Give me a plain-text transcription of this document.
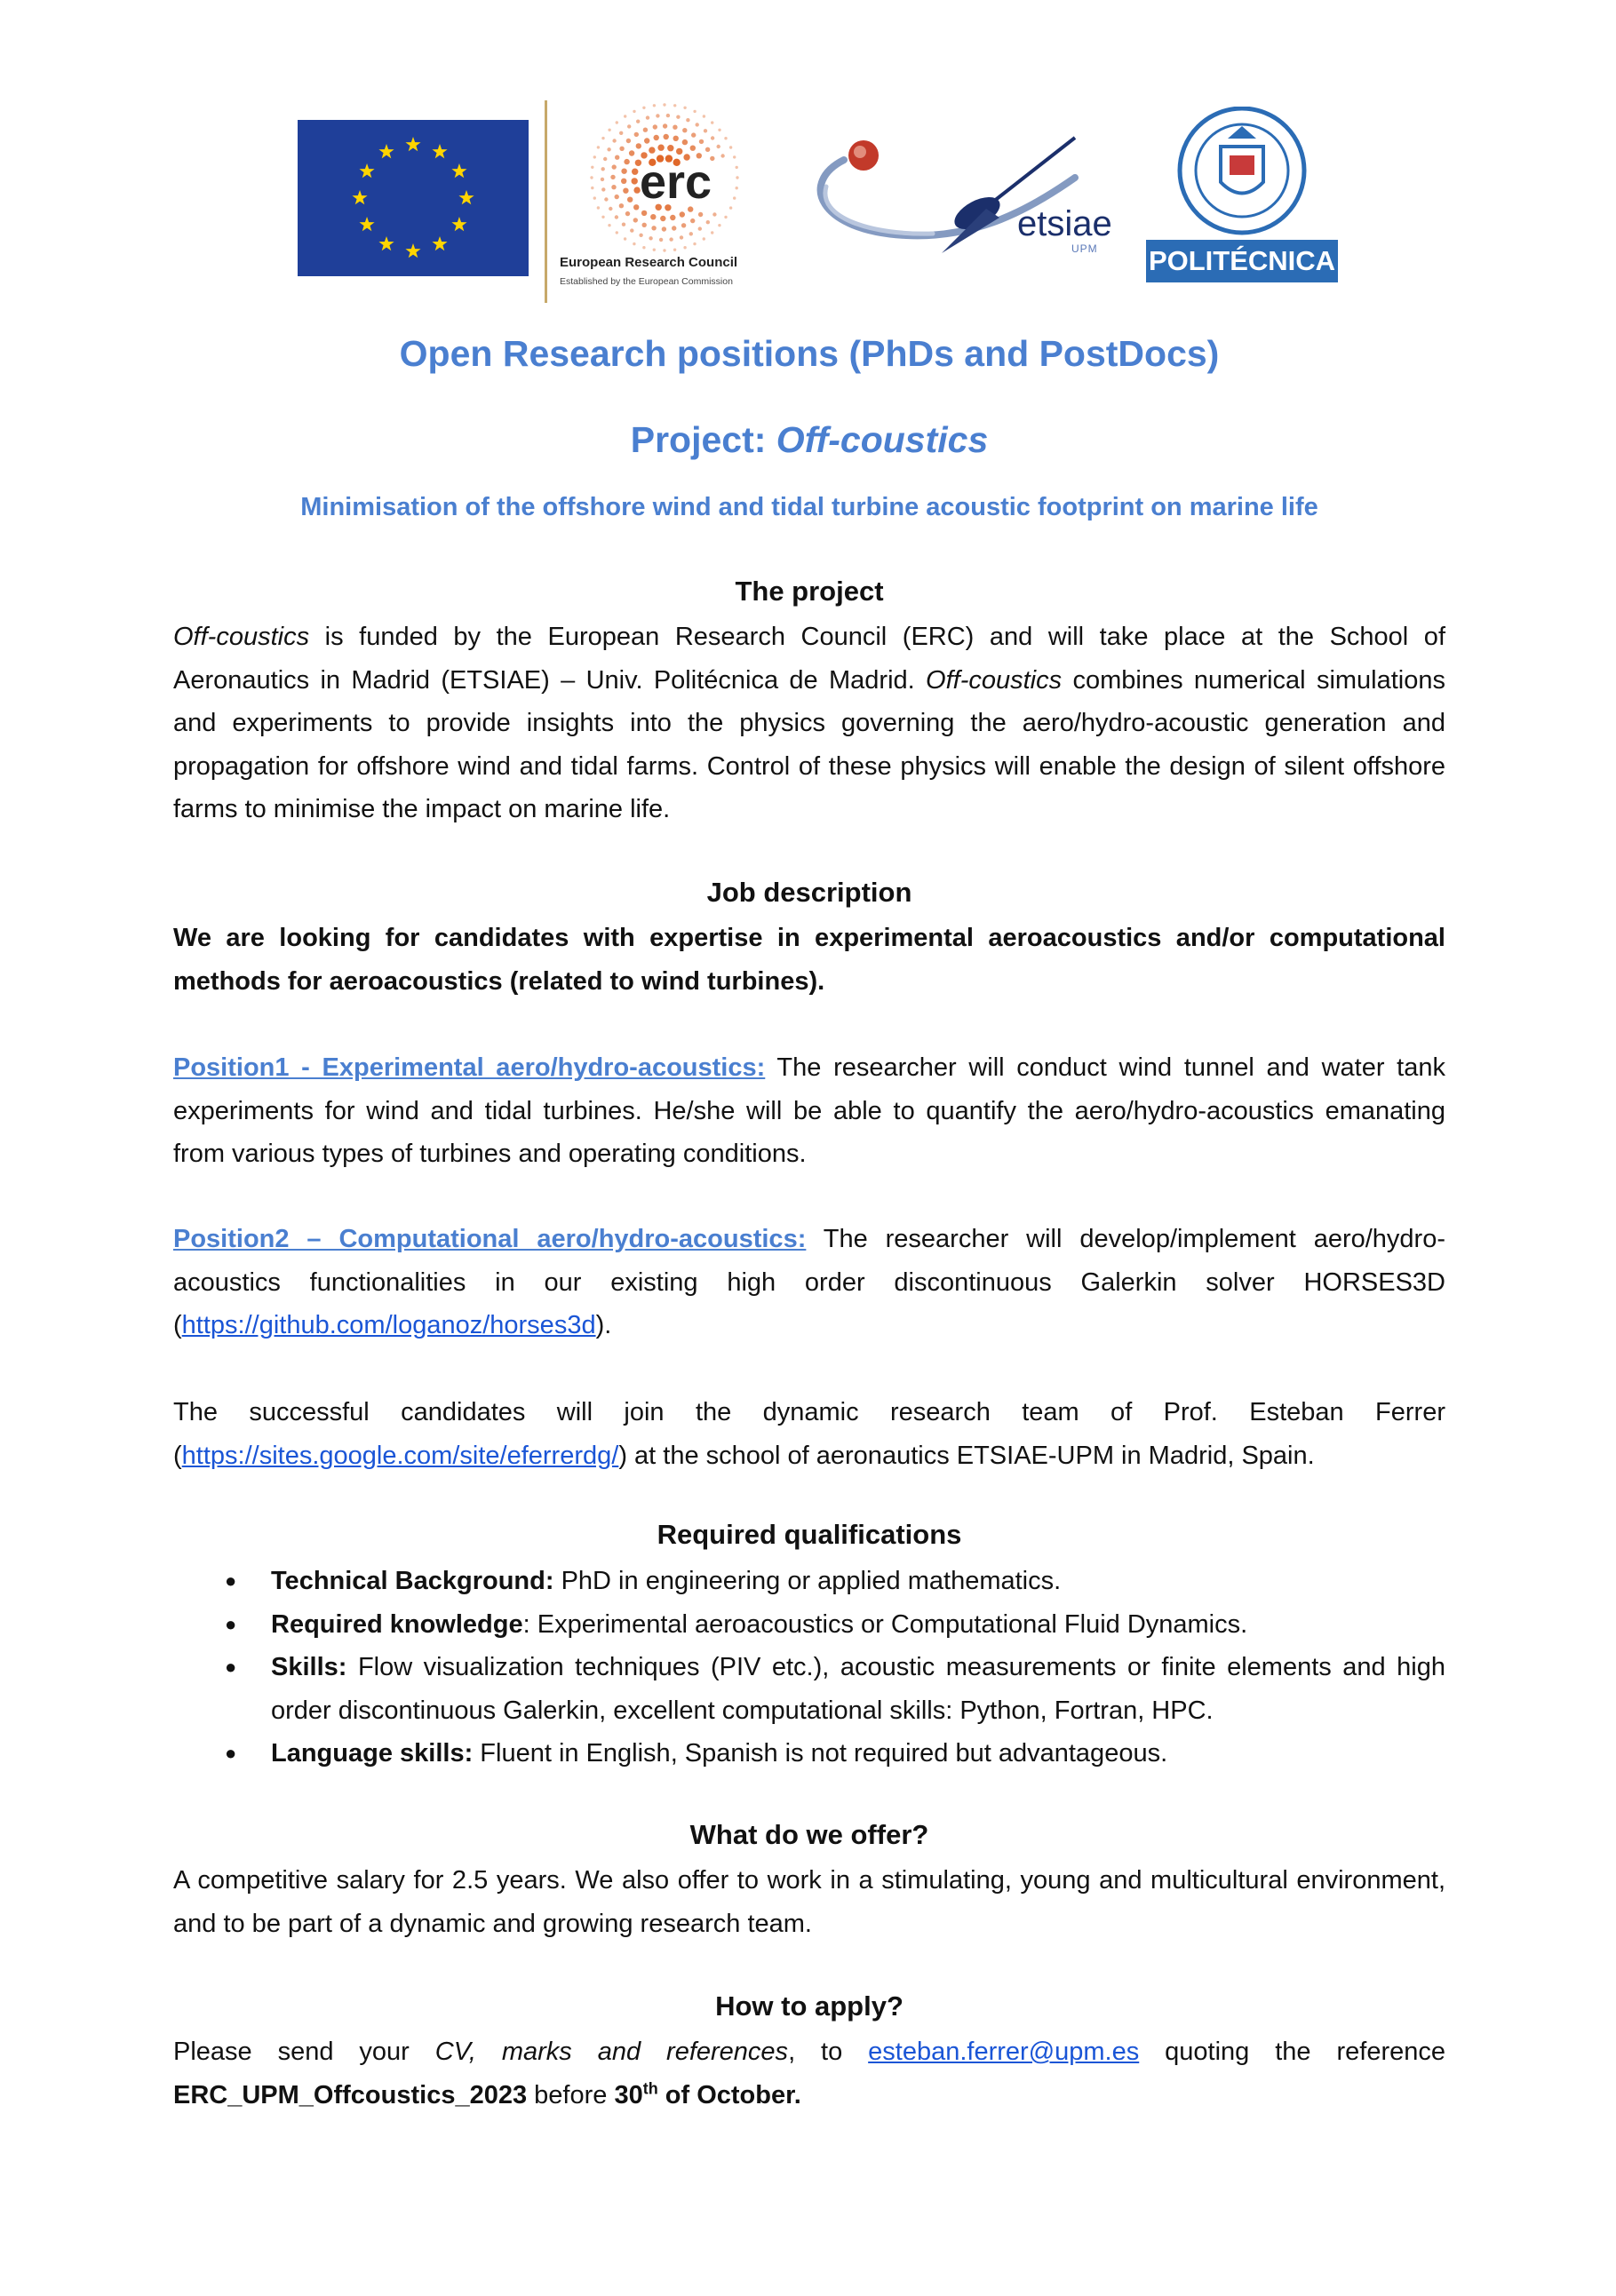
erc
European Research Council
Established by the European Commission
etsiae
UPM POLITÉCNICA
Open Research positions (PhDs and PostDocs)
Project: Off-coustics
Minimisation of the offshore wind and tidal turbine acoustic footprint on marine life
The project
Off-coustics is funded by the European Research Council (ERC) and will take place at the School of Aeronautics in Madrid (ETSIAE) – Univ. Politécnica de Madrid. Off-coustics combines numerical simulations and experiments to provide insights into the physics governing the aero/hydro-acoustic generation and propagation for offshore wind and tidal farms. Control of these physics will enable the design of silent offshore farms to minimise the impact on marine life.
Job description
We are looking for candidates with expertise in experimental aeroacoustics and/or computational methods for aeroacoustics (related to wind turbines).
Position1 - Experimental aero/hydro-acoustics: The researcher will conduct wind tunnel and water tank experiments for wind and tidal turbines. He/she will be able to quantify the aero/hydro-acoustics emanating from various types of turbines and operating conditions.
Position2 – Computational aero/hydro-acoustics: The researcher will develop/implement aero/hydro-acoustics functionalities in our existing high order discontinuous Galerkin solver HORSES3D (https://github.com/loganoz/horses3d).
The successful candidates will join the dynamic research team of Prof. Esteban Ferrer (https://sites.google.com/site/eferrerdg/) at the school of aeronautics ETSIAE-UPM in Madrid, Spain.
Required qualifications
● Technical Background: PhD in engineering or applied mathematics.
● Required knowledge: Experimental aeroacoustics or Computational Fluid Dynamics.
● Skills: Flow visualization techniques (PIV etc.), acoustic measurements or finite elements and high order discontinuous Galerkin, excellent computational skills: Python, Fortran, HPC.
● Language skills: Fluent in English, Spanish is not required but advantageous.
What do we offer?
A competitive salary for 2.5 years. We also offer to work in a stimulating, young and multicultural environment, and to be part of a dynamic and growing research team.
How to apply?
Please send your CV, marks and references, to esteban.ferrer@upm.es quoting the reference ERC_UPM_Offcoustics_2023 before 30th of October.
